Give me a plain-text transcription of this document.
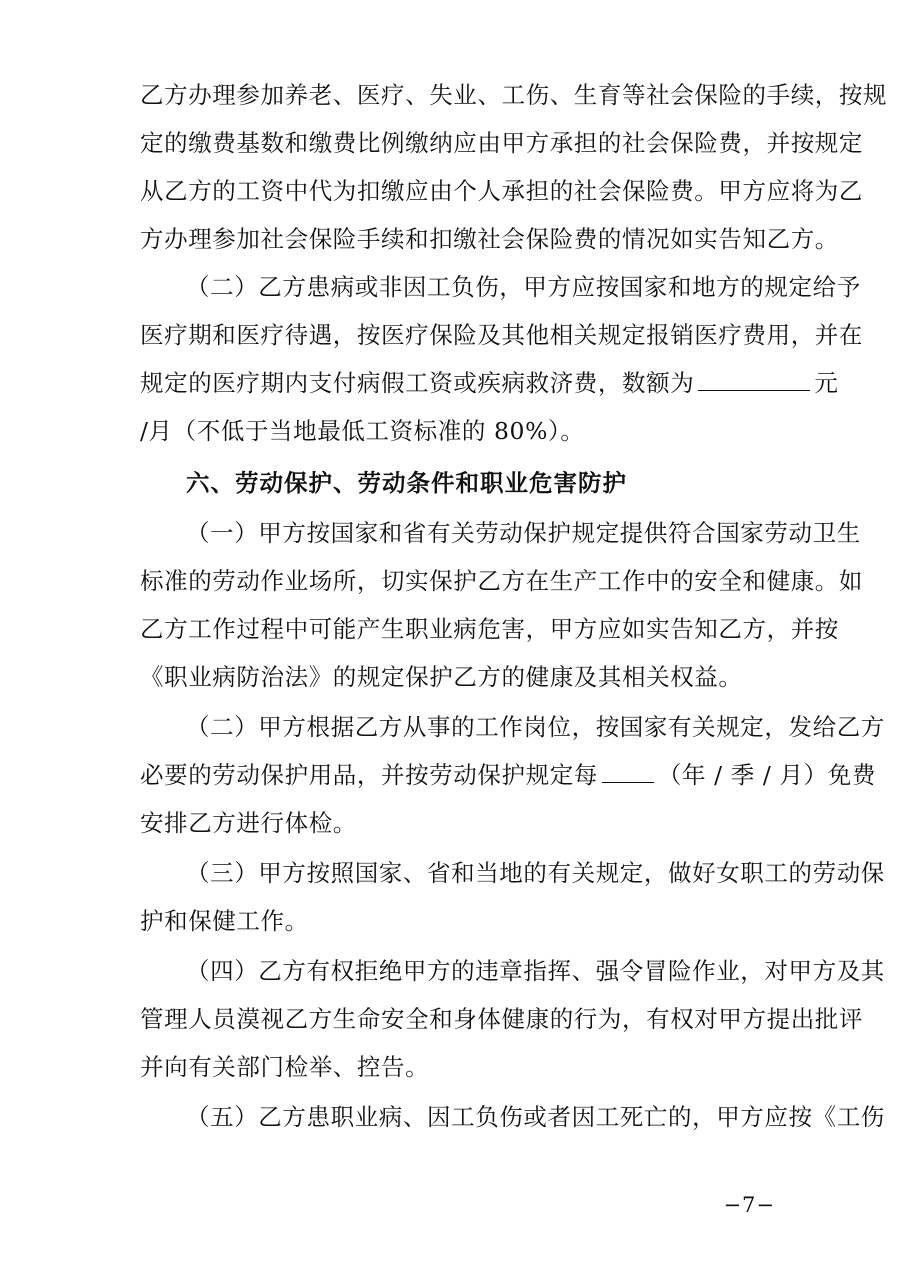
乙方办理参加养老、医疗、失业、工伤、生育等社会保险的手续，按规
定的缴费基数和缴费比例缴纳应由甲方承担的社会保险费，并按规定
从乙方的工资中代为扣缴应由个人承担的社会保险费。甲方应将为乙
方办理参加社会保险手续和扣缴社会保险费的情况如实告知乙方。
（二）乙方患病或非因工负伤，甲方应按国家和地方的规定给予
医疗期和医疗待遇，按医疗保险及其他相关规定报销医疗费用，并在
规定的医疗期内支付病假工资或疾病救济费，数额为	元
/月（不低于当地最低工资标准的 80%）。
六、劳动保护、劳动条件和职业危害防护
（一）甲方按国家和省有关劳动保护规定提供符合国家劳动卫生
标准的劳动作业场所，切实保护乙方在生产工作中的安全和健康。如
乙方工作过程中可能产生职业病危害，甲方应如实告知乙方，并按
《职业病防治法》的规定保护乙方的健康及其相关权益。
（二）甲方根据乙方从事的工作岗位，按国家有关规定，发给乙方
必要的劳动保护用品，并按劳动保护规定每	（年 / 季 / 月）免费
安排乙方进行体检。
（三）甲方按照国家、省和当地的有关规定，做好女职工的劳动保
护和保健工作。
（四）乙方有权拒绝甲方的违章指挥、强令冒险作业，对甲方及其
管理人员漠视乙方生命安全和身体健康的行为，有权对甲方提出批评
并向有关部门检举、控告。
（五）乙方患职业病、因工负伤或者因工死亡的，甲方应按《工伤
−7−
